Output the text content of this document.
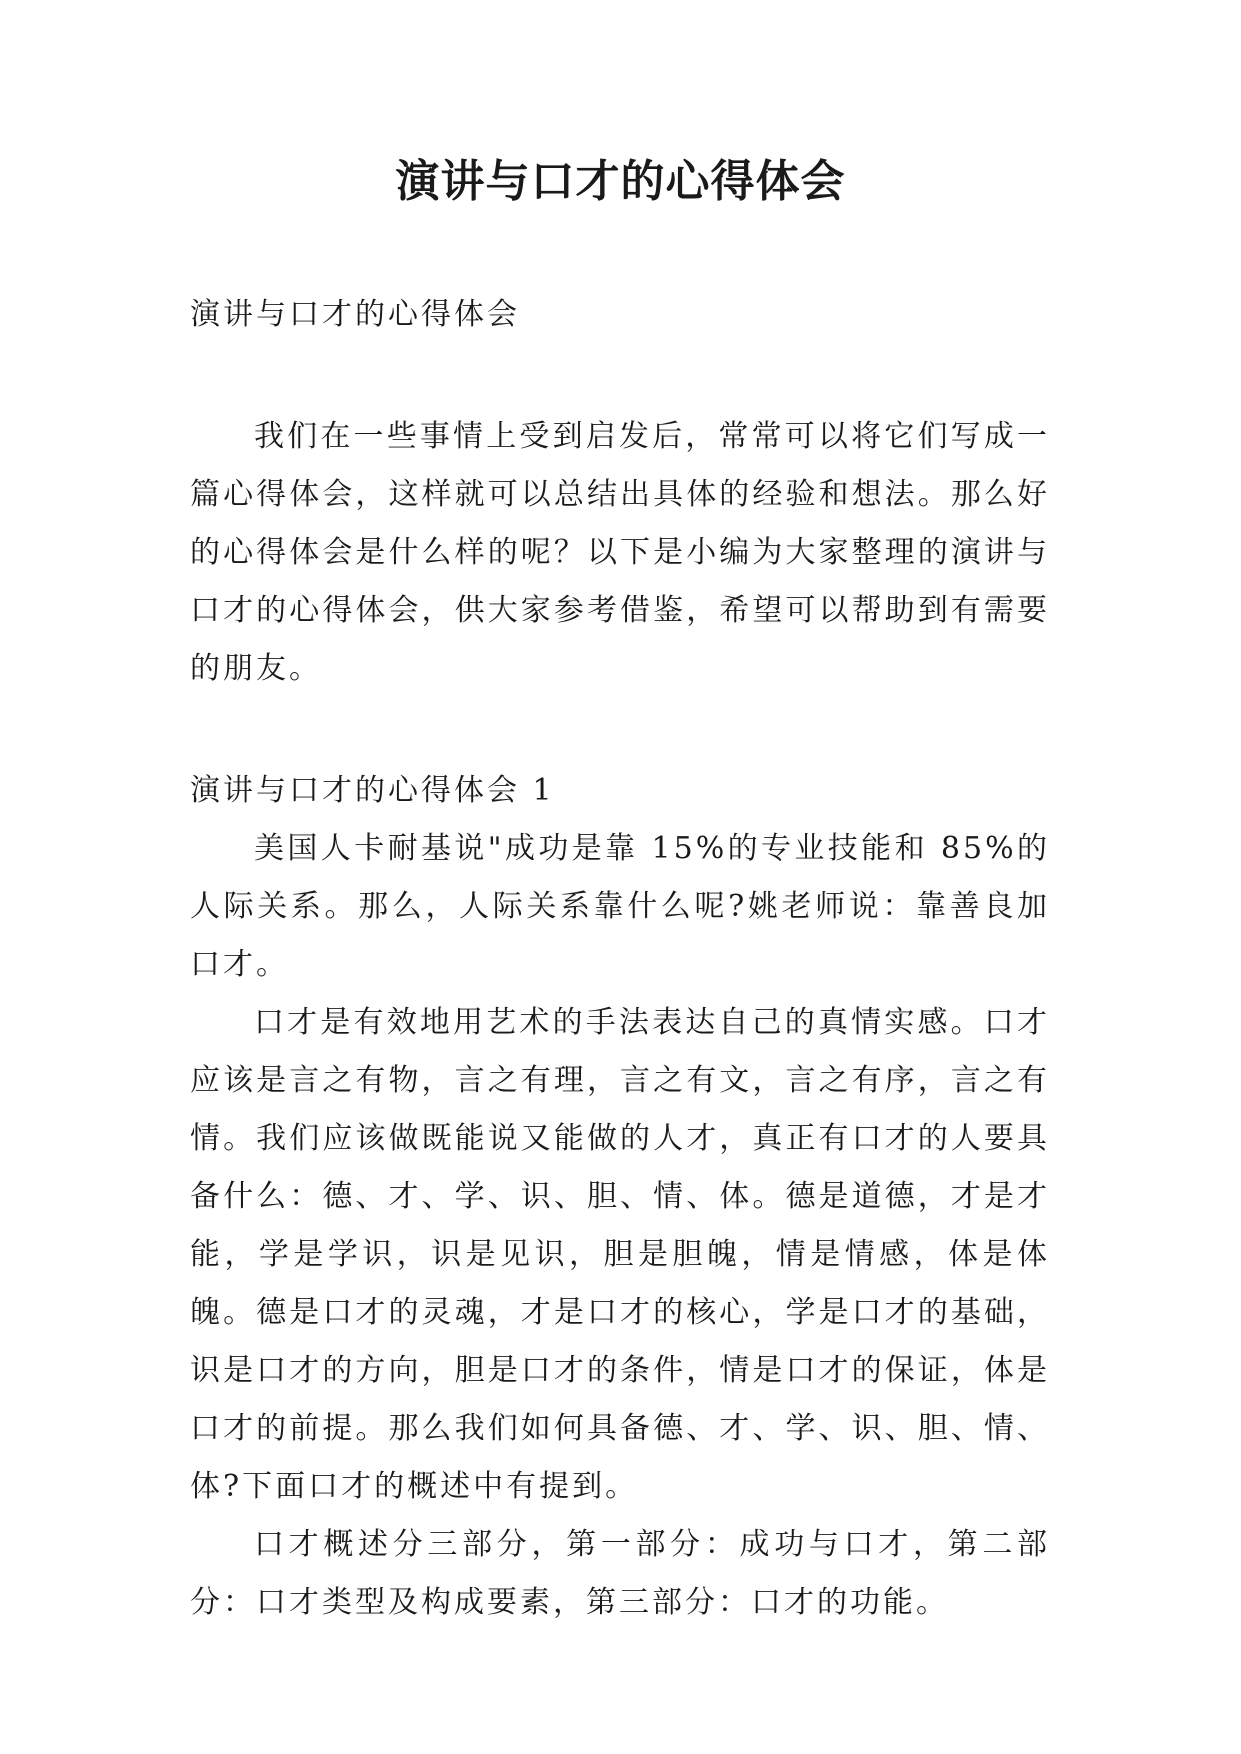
演讲与口才的心得体会

演讲与口才的心得体会

我们在一些事情上受到启发后，常常可以将它们写成一篇心得体会，这样就可以总结出具体的经验和想法。那么好的心得体会是什么样的呢？以下是小编为大家整理的演讲与口才的心得体会，供大家参考借鉴，希望可以帮助到有需要的朋友。

演讲与口才的心得体会 1

美国人卡耐基说"成功是靠 15%的专业技能和 85%的人际关系。那么，人际关系靠什么呢?姚老师说：靠善良加口才。

口才是有效地用艺术的手法表达自己的真情实感。口才应该是言之有物，言之有理，言之有文，言之有序，言之有情。我们应该做既能说又能做的人才，真正有口才的人要具备什么：德、才、学、识、胆、情、体。德是道德，才是才能，学是学识，识是见识，胆是胆魄，情是情感，体是体魄。德是口才的灵魂，才是口才的核心，学是口才的基础，识是口才的方向，胆是口才的条件，情是口才的保证，体是口才的前提。那么我们如何具备德、才、学、识、胆、情、体?下面口才的概述中有提到。

口才概述分三部分，第一部分：成功与口才，第二部分：口才类型及构成要素，第三部分：口才的功能。
